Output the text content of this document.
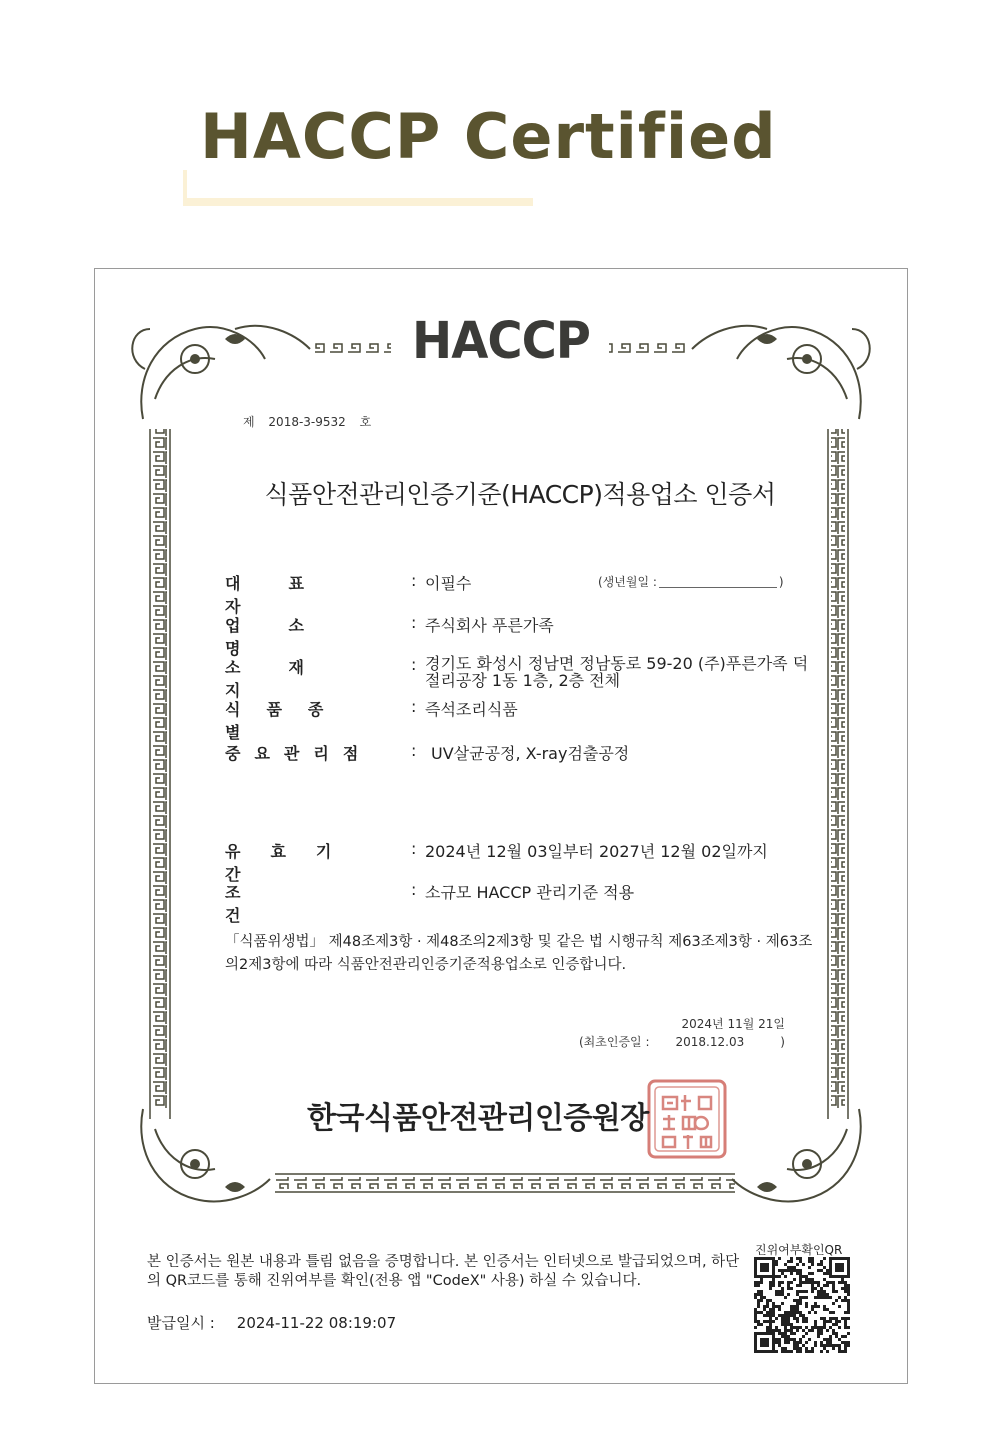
HACCP Certified
HACCP
제 2018-3-9532 호
식품안전관리인증기준(HACCP)적용업소 인증서
대표자
: 이필수	(생년월일 :	)
업소명
: 주식회사 푸른가족
소재지
: 경기도 화성시 정남면 정남동로 59-20 (주)푸른가족 덕절리공장 1동 1층, 2층 전체
식품종별
: 즉석조리식품
중요관리점 : UV살균공정, X-ray검출공정
유효기간
: 2024년 12월 03일부터 2027년 12월 02일까지
조건
: 소규모 HACCP 관리기준 적용
「식품위생법」 제48조제3항 · 제48조의2제3항 및 같은 법 시행규칙 제63조제3항 · 제63조의2제3항에 따라 식품안전관리인증기준적용업소로 인증합니다.
2024년 11월 21일
(최초인증일 : 2018.12.03	)
한국식품안전관리인증원장
본 인증서는 원본 내용과 틀림 없음을 증명합니다. 본 인증서는 인터넷으로 발급되었으며, 하단의 QR코드를 통해 진위여부를 확인(전용 앱 "CodeX" 사용) 하실 수 있습니다.
발급일시 : 2024-11-22 08:19:07
진위여부확인QR
